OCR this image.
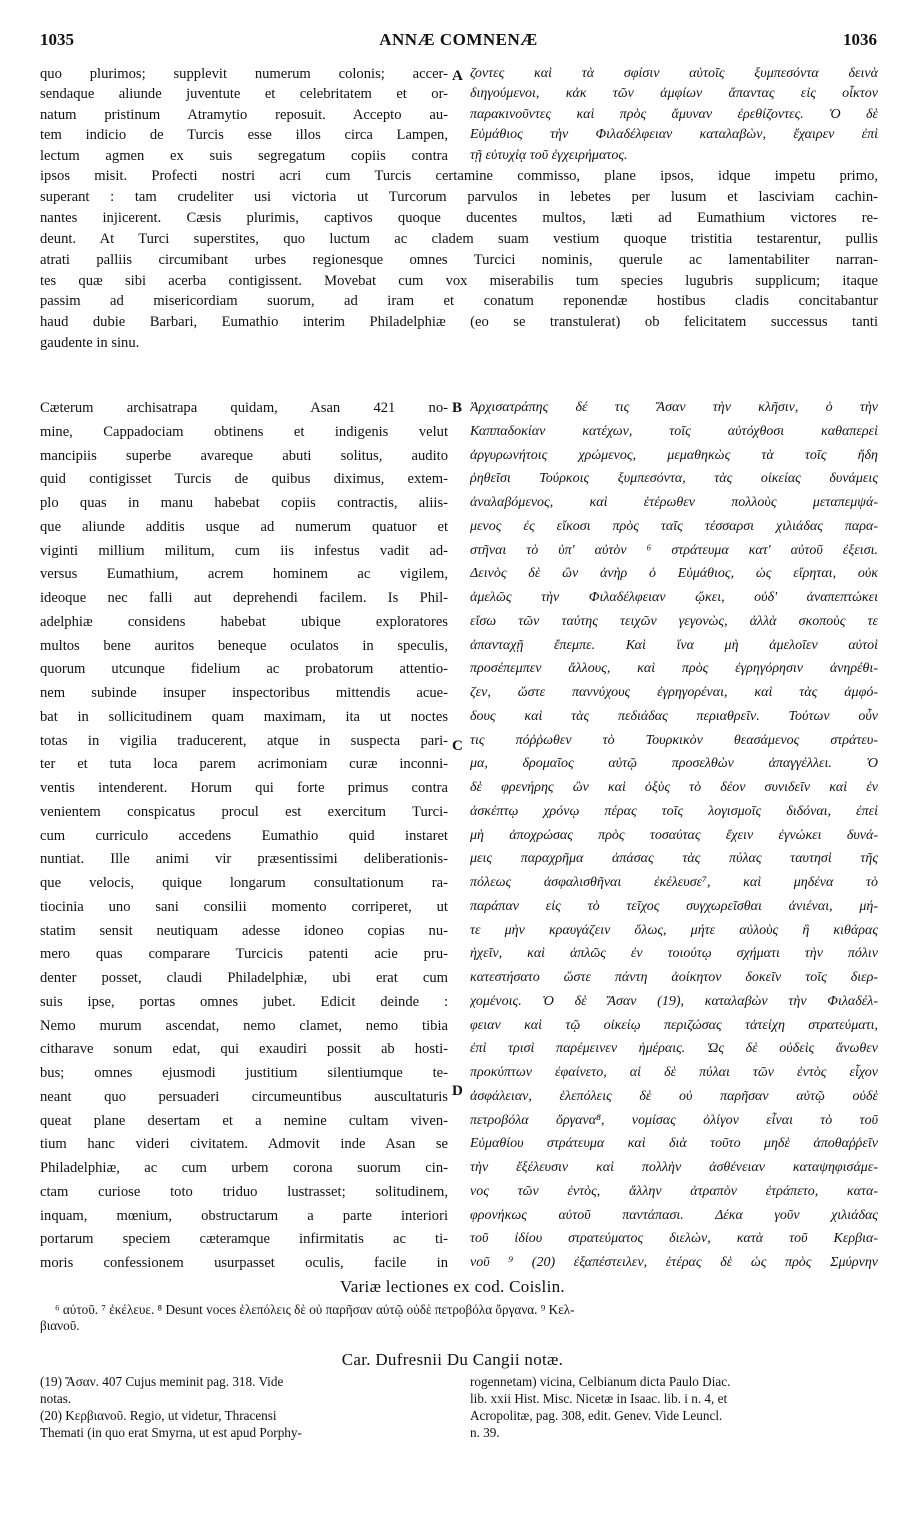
1035	ANNÆ COMNENÆ	1036
quo plurimos; supplevit numerum colonis; accer-
sendaque aliunde juventute et celebritatem et or-
natum pristinum Atramytio reposuit. Accepto au-
tem indicio de Turcis esse illos circa Lampen,
lectum agmen ex suis segregatum copiis contra
ζοντες καὶ τὰ σφίσιν αὐτοῖς ξυμπεσόντα δεινὰ
διηγούμενοι, κἀκ τῶν ἀμφίων ἅπαντας εἰς οἶκτον
παρακινοῦντες καὶ πρὸς ἄμυναν ἐρεθίζοντες. Ὁ δὲ
Εὐμάθιος τὴν Φιλαδέλφειαν καταλαβὼν, ἔχαιρεν ἐπὶ
τῇ εὐτυχίᾳ τοῦ ἐγχειρήματος.
ipsos misit. Profecti nostri acri cum Turcis certamine commisso, plane ipsos, idque impetu primo,
superant : tam crudeliter usi victoria ut Turcorum parvulos in lebetes per lusum et lasciviam cachin-
nantes injicerent. Cæsis plurimis, captivos quoque ducentes multos, læti ad Eumathium victores re-
deunt. At Turci superstites, quo luctum ac cladem suam vestium quoque tristitia testarentur, pullis
atrati palliis circumibant urbes regionesque omnes Turcici nominis, querule ac lamentabiliter narran-
tes quæ sibi acerba contigissent. Movebat cum vox miserabilis tum species lugubris supplicum; itaque
passim ad misericordiam suorum, ad iram et conatum reponendæ hostibus cladis concitabantur
haud dubie Barbari, Eumathio interim Philadelphiæ (eo se transtulerat) ob felicitatem successus tanti
gaudente in sinu.
Cæterum archisatrapa quidam, Asan 421 no-
mine, Cappadociam obtinens et indigenis velut
mancipiis superbe avareque abuti solitus, audito
quid contigisset Turcis de quibus diximus, extem-
plo quas in manu habebat copiis contractis, aliis-
que aliunde additis usque ad numerum quatuor et
viginti millium militum, cum iis infestus vadit ad-
versus Eumathium, acrem hominem ac vigilem,
ideoque nec falli aut deprehendi facilem. Is Phil-
adelphiæ considens habebat ubique exploratores
multos bene auritos beneque oculatos in speculis,
quorum utcunque fidelium ac probatorum attentio-
nem subinde insuper inspectoribus mittendis acue-
bat in sollicitudinem quam maximam, ita ut noctes
totas in vigilia traducerent, atque in suspecta pari-
ter et tuta loca parem acrimoniam curæ inconni-
ventis intenderent. Horum qui forte primus contra
venientem conspicatus procul est exercitum Turci-
cum curriculo accedens Eumathio quid instaret
nuntiat. Ille animi vir præsentissimi deliberationis-
que velocis, quique longarum consultationum ra-
tiocinia uno sani consilii momento corriperet, ut
statim sensit neutiquam adesse idoneo copias nu-
mero quas comparare Turcicis patenti acie pru-
denter posset, claudi Philadelphiæ, ubi erat cum
suis ipse, portas omnes jubet. Edicit deinde :
Nemo murum ascendat, nemo clamet, nemo tibia
citharave sonum edat, qui exaudiri possit ab hosti-
bus; omnes ejusmodi justitium silentiumque te-
neant quo persuaderi circumeuntibus auscultaturis
queat plane desertam et a nemine cultam viven-
tium hanc videri civitatem. Admovit inde Asan se
Philadelphiæ, ac cum urbem corona suorum cin-
ctam curiose toto triduo lustrasset; solitudinem,
inquam, mœnium, obstructarum a parte interiori
portarum speciem cæteramque infirmitatis ac ti-
moris confessionem usurpasset oculis, facile in
Ἀρχισατράπης δέ τις Ἄσαν τὴν κλῆσιν, ὁ τὴν
Καππαδοκίαν κατέχων, τοῖς αὐτόχθοσι καθαπερεὶ
ἀργυρωνήτοις χρώμενος, μεμαθηκὼς τὰ τοῖς ἤδη
ῥηθεῖσι Τούρκοις ξυμπεσόντα, τὰς οἰκείας δυνάμεις
ἀναλαβόμενος, καὶ ἑτέρωθεν πολλοὺς μεταπεμψά-
μενος ἐς εἴκοσι πρὸς ταῖς τέσσαρσι χιλιάδας παρα-
στῆναι τὸ ὑπ' αὐτὸν ⁶ στράτευμα κατ' αὐτοῦ ἐξεισι.
Δεινὸς δὲ ὢν ἀνὴρ ὁ Εὐμάθιος, ὡς εἴρηται, οὐκ
ἀμελῶς τὴν Φιλαδέλφειαν ᾤκει, οὐδ' ἀναπεπτώκει
εἴσω τῶν ταύτης τειχῶν γεγονὼς, ἀλλὰ σκοποὺς τε
ἁπανταχῇ ἔπεμπε. Καὶ ἵνα μὴ ἀμελοῖεν αὐτοὶ
προσέπεμπεν ἄλλους, καὶ πρὸς ἐγρηγόρησιν ἀνηρέθι-
ζεν, ὥστε παννύχους ἐγρηγορέναι, καὶ τὰς ἀμφό-
δους καὶ τὰς πεδιάδας περιαθρεῖν. Τούτων οὖν
τις πόῤῥωθεν τὸ Τουρκικὸν θεασάμενος στράτευ-
μα, δρομαῖος αὐτῷ προσελθὼν ἀπαγγέλλει. Ὁ
δὲ φρενήρης ὢν καὶ ὀξὺς τὸ δέον συνιδεῖν καὶ ἐν
ἀσκέπτῳ χρόνῳ πέρας τοῖς λογισμοῖς διδόναι, ἐπεὶ
μὴ ἀποχρώσας πρὸς τοσαύτας ἔχειν ἐγνώκει δυνά-
μεις παραχρῆμα ἁπάσας τὰς πύλας ταυτησὶ τῆς
πόλεως ἀσφαλισθῆναι ἐκέλευσε⁷, καὶ μηδένα τὸ
παράπαν εἰς τὸ τεῖχος συγχωρεῖσθαι ἀνιέναι, μή-
τε μὴν κραυγάζειν ὅλως, μήτε αὐλοὺς ἢ κιθάρας
ἠχεῖν, καὶ ἁπλῶς ἐν τοιούτῳ σχήματι τὴν πόλιν
κατεστήσατο ὥστε πάντη ἀοίκητον δοκεῖν τοῖς διερ-
χομένοις. Ὁ δὲ Ἄσαν (19), καταλαβὼν τὴν Φιλαδέλ-
φειαν καὶ τῷ οἰκείῳ περιζώσας τἀτείχη στρατεύματι,
ἐπὶ τρισὶ παρέμεινεν ἡμέραις. Ὡς δὲ οὐδεὶς ἄνωθεν
προκύπτων ἐφαίνετο, αἱ δὲ πύλαι τῶν ἐντὸς εἶχον
ἀσφάλειαν, ἑλεπόλεις δὲ οὐ παρῆσαν αὐτῷ οὐδὲ
πετροβόλα ὄργανα⁸, νομίσας ὀλίγον εἶναι τὸ τοῦ
Εὐμαθίου στράτευμα καὶ διὰ τοῦτο μηδὲ ἀποθαῤῥεῖν
τὴν ἔξέλευσιν καὶ πολλὴν ἀσθένειαν καταψηφισάμε-
νος τῶν ἐντὸς, ἄλλην ἀτραπὸν ἐτράπετο, κατα-
φρονήκως αὐτοῦ παντάπασι. Δέκα γοῦν χιλιάδας
τοῦ ἰδίου στρατεύματος διελὼν, κατὰ τοῦ Κερβια-
νοῦ ⁹ (20) ἐξαπέστειλεν, ἑτέρας δὲ ὡς πρὸς Σμύρνην
A
B
C
D
Variæ lectiones ex cod. Coislin.
⁶ αὐτοῦ. ⁷ ἐκέλευε. ⁸ Desunt voces ἑλεπόλεις δὲ οὐ παρῆσαν αὐτῷ οὐδὲ πετροβόλα ὄργανα. ⁹ Κελ-
βιανοῦ.
Car. Dufresnii Du Cangii notæ.
(19) Ἄσαν. 407 Cujus meminit pag. 318. Vide
notas.
(20) Κερβιανοῦ. Regio, ut videtur, Thracensi
Themati (in quo erat Smyrna, ut est apud Porphy-
rogennetam) vicina, Celbianum dicta Paulo Diac.
lib. xxii Hist. Misc. Nicetæ in Isaac. lib. i n. 4, et
Acropolitæ, pag. 308, edit. Genev. Vide Leuncl.
n. 39.
